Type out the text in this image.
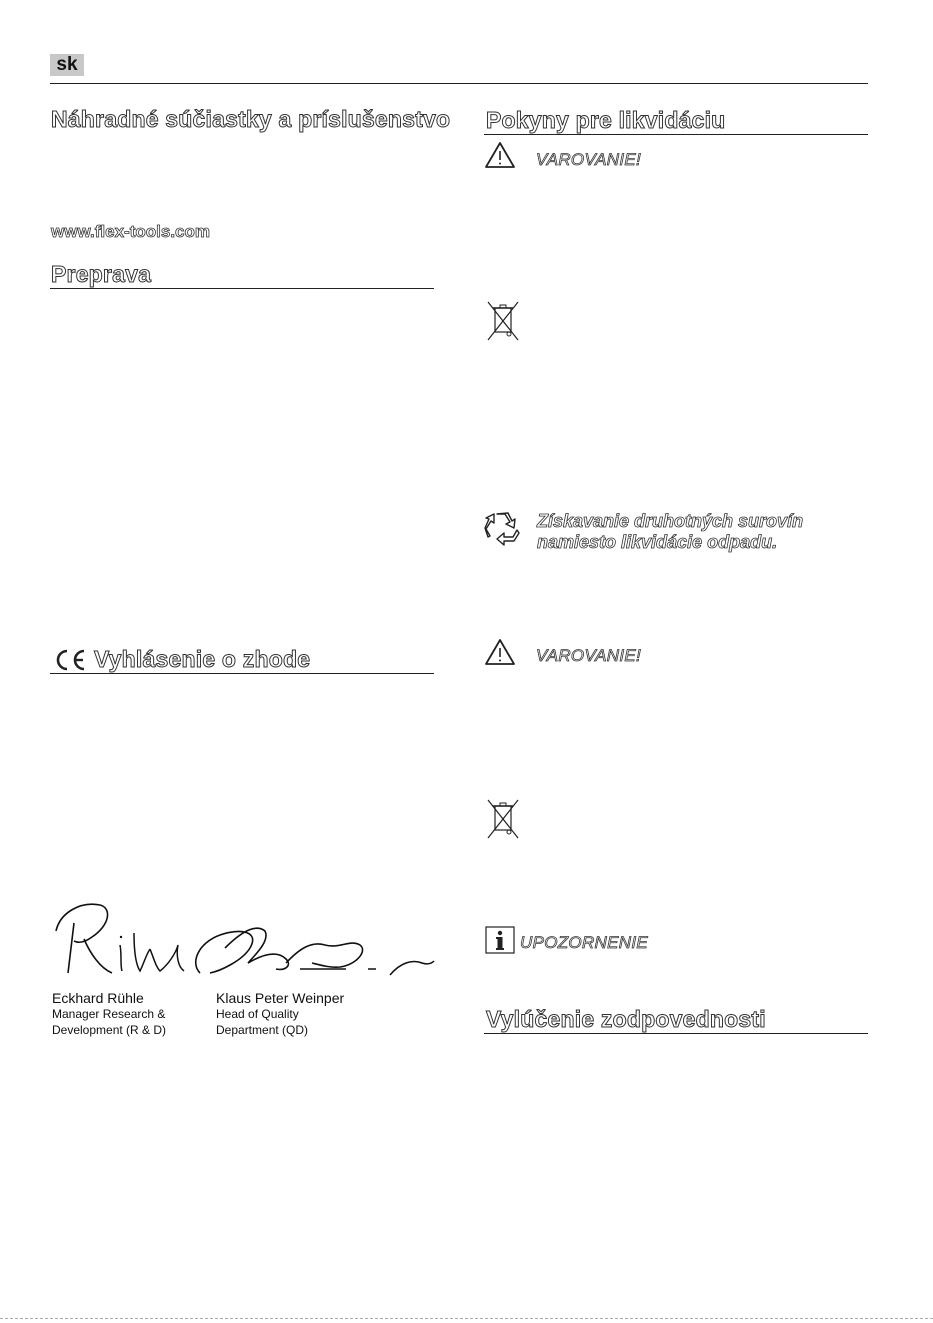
sk
Náhradné súčiastky a príslušenstvo
www.flex-tools.com
Preprava
Vyhlásenie o zhode
Eckhard Rühle
Manager Research &
Development (R & D)
Klaus Peter Weinper
Head of Quality
Department (QD)
Pokyny pre likvidáciu
VAROVANIE!
Získavanie druhotných surovín
namiesto likvidácie odpadu.
VAROVANIE!
UPOZORNENIE
Vylúčenie zodpovednosti
